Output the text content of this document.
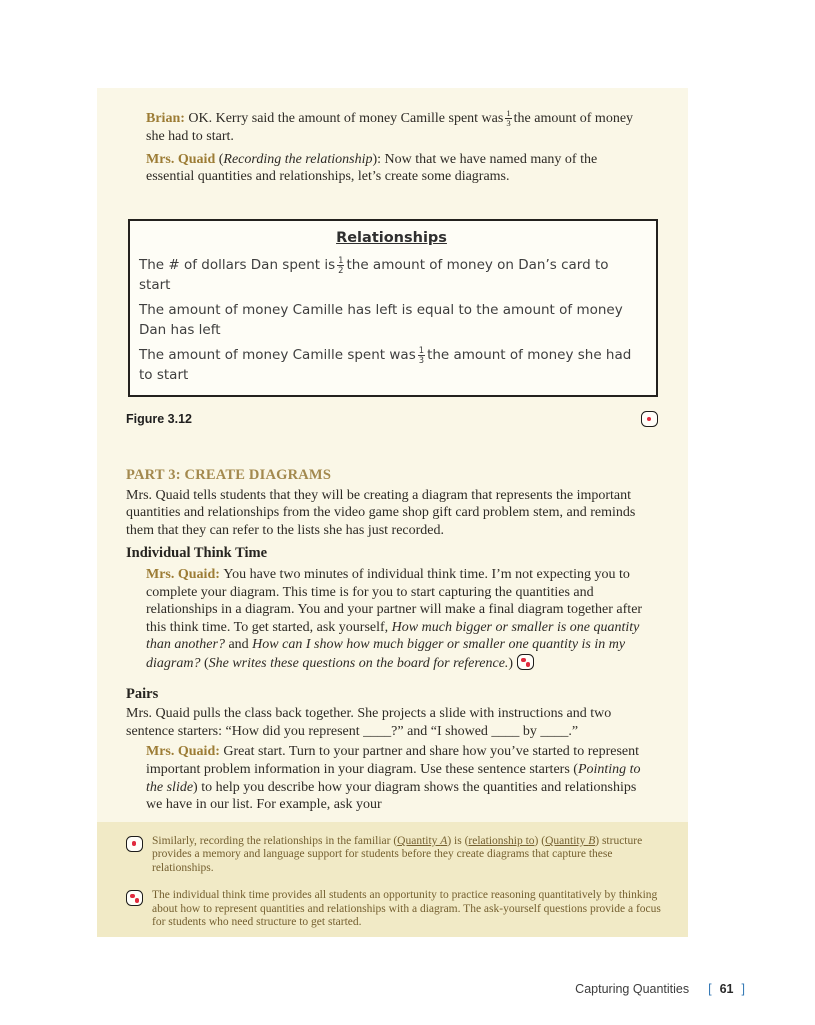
Brian: OK. Kerry said the amount of money Camille spent was $\frac{1}{3}$ the amount of money she had to start.

Mrs. Quaid (Recording the relationship): Now that we have named many of the essential quantities and relationships, let’s create some diagrams.

Relationships
The # of dollars Dan spent is $\frac{1}{2}$ the amount of money on Dan’s card to start
The amount of money Camille has left is equal to the amount of money Dan has left
The amount of money Camille spent was $\frac{1}{3}$ the amount of money she had to start
Figure 3.12
PART 3: CREATE DIAGRAMS

Mrs. Quaid tells students that they will be creating a diagram that represents the important quantities and relationships from the video game shop gift card problem stem, and reminds them that they can refer to the lists she has just recorded.

Individual Think Time

Mrs. Quaid: You have two minutes of individual think time. I’m not expecting you to complete your diagram. This time is for you to start capturing the quantities and relationships in a diagram. You and your partner will make a final diagram together after this think time. To get started, ask yourself, How much bigger or smaller is one quantity than another? and How can I show how much bigger or smaller one quantity is in my diagram? (She writes these questions on the board for reference.)

Pairs

Mrs. Quaid pulls the class back together. She projects a slide with instructions and two sentence starters: “How did you represent ____?” and “I showed ____ by ____.”

Mrs. Quaid: Great start. Turn to your partner and share how you’ve started to represent important problem information in your diagram. Use these sentence starters (Pointing to the slide) to help you describe how your diagram shows the quantities and relationships we have in our list. For example, ask your

Similarly, recording the relationships in the familiar (Quantity A) is (relationship to) (Quantity B) structure provides a memory and language support for students before they create diagrams that capture these relationships.

The individual think time provides all students an opportunity to practice reasoning quantitatively by thinking about how to represent quantities and relationships with a diagram. The ask-yourself questions provide a focus for students who need structure to get started.

Capturing Quantities [ 61 ]
